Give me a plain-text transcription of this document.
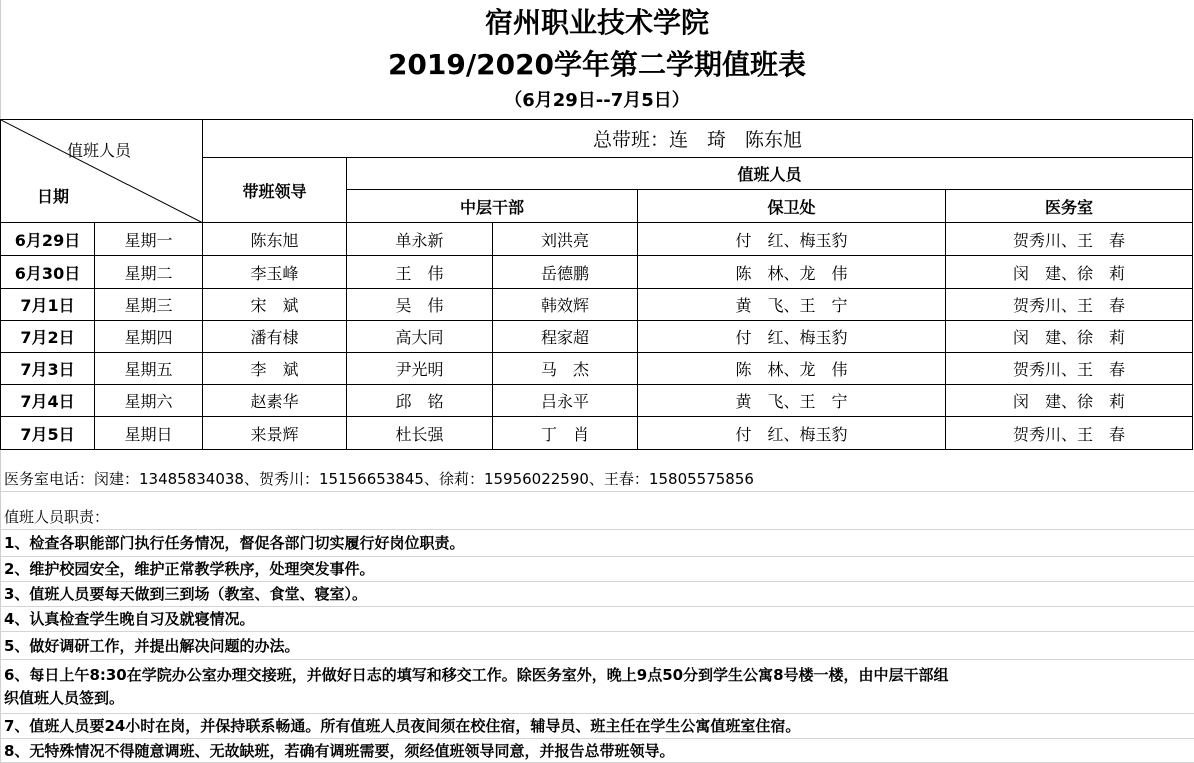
宿州职业技术学院
2019/2020学年第二学期值班表
（6月29日--7月5日）
值班人员
日期		总带班：连　琦　陈东旭				
		带班领导	值班人员			
			中层干部		保卫处	医务室
6月29日	星期一	陈东旭	单永新	刘洪亮	付　红、梅玉豹	贺秀川、王　春
6月30日	星期二	李玉峰	王　伟	岳德鹏	陈　林、龙　伟	闵　建、徐　莉
7月1日	星期三	宋　斌	吴　伟	韩效辉	黄　飞、王　宁	贺秀川、王　春
7月2日	星期四	潘有棣	高大同	程家超	付　红、梅玉豹	闵　建、徐　莉
7月3日	星期五	李　斌	尹光明	马　杰	陈　林、龙　伟	贺秀川、王　春
7月4日	星期六	赵素华	邱　铭	吕永平	黄　飞、王　宁	闵　建、徐　莉
7月5日	星期日	来景辉	杜长强	丁　肖	付　红、梅玉豹	贺秀川、王　春
医务室电话：闵建：13485834038、贺秀川：15156653845、徐莉：15956022590、王春：15805575856
值班人员职责：
1、检查各职能部门执行任务情况，督促各部门切实履行好岗位职责。
2、维护校园安全，维护正常教学秩序，处理突发事件。
3、值班人员要每天做到三到场（教室、食堂、寝室）。
4、认真检查学生晚自习及就寝情况。
5、做好调研工作，并提出解决问题的办法。
6、每日上午8:30在学院办公室办理交接班，并做好日志的填写和移交工作。除医务室外，晚上9点50分到学生公寓8号楼一楼，由中层干部组
织值班人员签到。
7、值班人员要24小时在岗，并保持联系畅通。所有值班人员夜间须在校住宿，辅导员、班主任在学生公寓值班室住宿。
8、无特殊情况不得随意调班、无故缺班，若确有调班需要，须经值班领导同意，并报告总带班领导。
